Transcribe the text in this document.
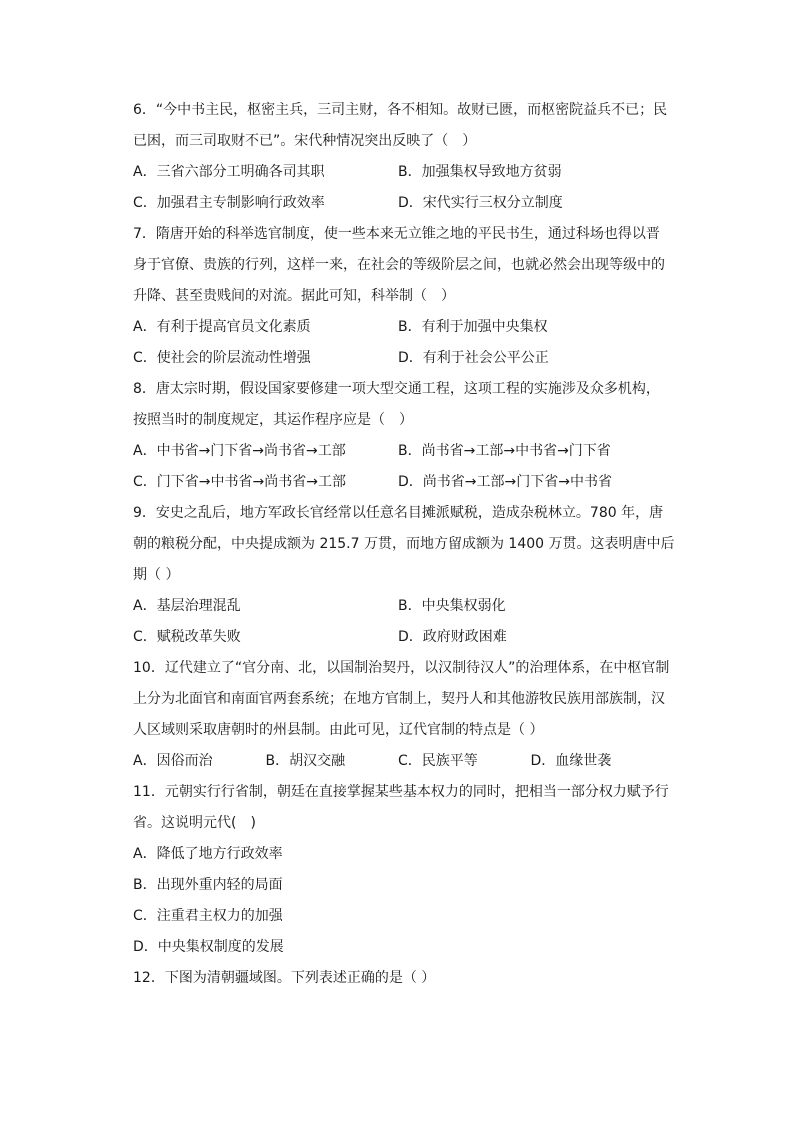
6．“今中书主民，枢密主兵，三司主财，各不相知。故财已匮，而枢密院益兵不已；民
已困，而三司取财不已”。宋代种情况突出反映了（　）
A．三省六部分工明确各司其职	B．加强集权导致地方贫弱
C．加强君主专制影响行政效率	D．宋代实行三权分立制度
7．隋唐开始的科举选官制度，使一些本来无立锥之地的平民书生，通过科场也得以晋
身于官僚、贵族的行列，这样一来，在社会的等级阶层之间，也就必然会出现等级中的
升降、甚至贵贱间的对流。据此可知，科举制（　）
A．有利于提高官员文化素质	B．有利于加强中央集权
C．使社会的阶层流动性增强	D．有利于社会公平公正
8．唐太宗时期，假设国家要修建一项大型交通工程，这项工程的实施涉及众多机构，
按照当时的制度规定，其运作程序应是（　）
A．中书省→门下省→尚书省→工部	B．尚书省→工部→中书省→门下省
C．门下省→中书省→尚书省→工部	D．尚书省→工部→门下省→中书省
9．安史之乱后，地方军政长官经常以任意名目摊派赋税，造成杂税林立。780 年，唐
朝的粮税分配，中央提成额为 215.7 万贯，而地方留成额为 1400 万贯。这表明唐中后
期（ ）
A．基层治理混乱	B．中央集权弱化
C．赋税改革失败	D．政府财政困难
10．辽代建立了“官分南、北，以国制治契丹，以汉制待汉人”的治理体系，在中枢官制
上分为北面官和南面官两套系统；在地方官制上，契丹人和其他游牧民族用部族制，汉
人区域则采取唐朝时的州县制。由此可见，辽代官制的特点是（ ）
A．因俗而治	B．胡汉交融	C．民族平等	D．血缘世袭
11．元朝实行行省制，朝廷在直接掌握某些基本权力的同时，把相当一部分权力赋予行
省。这说明元代(　)
A．降低了地方行政效率
B．出现外重内轻的局面
C．注重君主权力的加强
D．中央集权制度的发展
12．下图为清朝疆域图。下列表述正确的是（ ）
